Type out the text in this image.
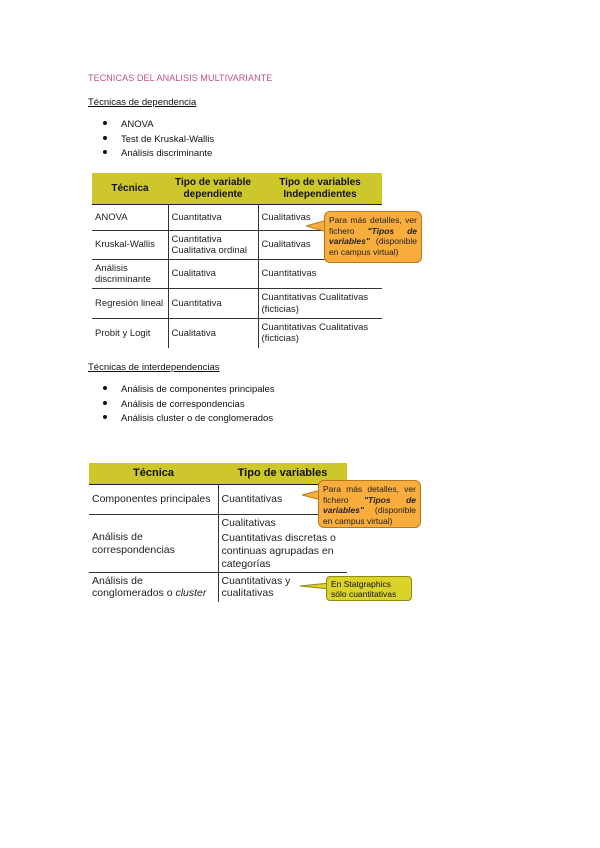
TECNICAS DEL ANALISIS MULTIVARIANTE
Técnicas de dependencia
ANOVA
Test de Kruskal-Wallis
Análisis discriminante
Técnica	Tipo de variable dependiente	Tipo de variables Independientes
ANOVA	Cuantitativa	Cualitativas
Kruskal-Wallis	Cuantitativa Cualitativa ordinal	Cualitativas
Análisis discriminante	Cualitativa	Cuantitativas
Regresión lineal	Cuantitativa	Cuantitativas Cualitativas (ficticias)
Probit y Logit	Cualitativa	Cuantitativas Cualitativas (ficticias)
Para más detalles, ver fichero "Tipos de variables" (disponible en campus virtual)
Técnicas de interdependencias
Análisis de componentes principales
Análisis de correspondencias
Análisis cluster o de conglomerados
Técnica	Tipo de variables
Componentes principales	Cuantitativas
Análisis de correspondencias	Cualitativas
Cuantitativas discretas o continuas agrupadas en categorías

Análisis de conglomerados o cluster	Cuantitativas y cualitativas
Para más detalles, ver fichero "Tipos de variables" (disponible en campus virtual)
En Statgraphics sólo cuantitativas
